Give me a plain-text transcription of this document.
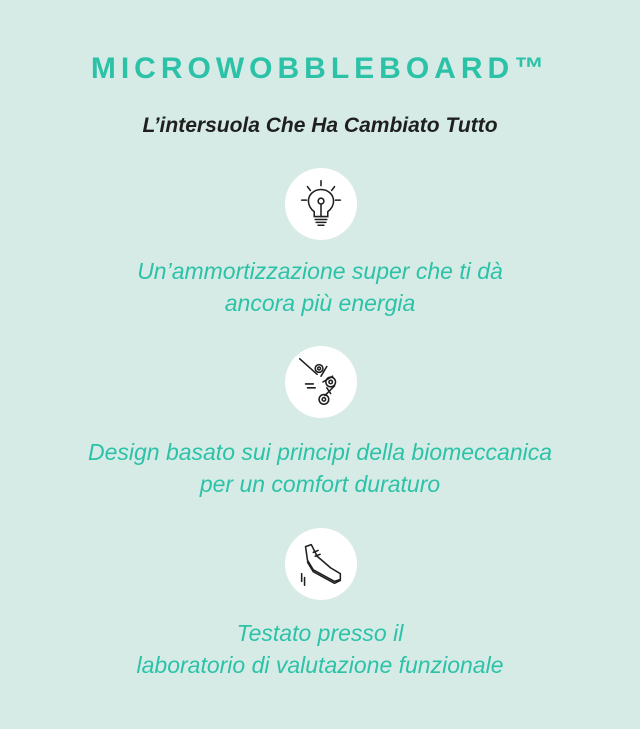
MICROWOBBLEBOARD™
L’intersuola Che Ha Cambiato Tutto
Un’ammortizzazione super che ti dà
ancora più energia
Design basato sui principi della biomeccanica
per un comfort duraturo
Testato presso il
laboratorio di valutazione funzionale
